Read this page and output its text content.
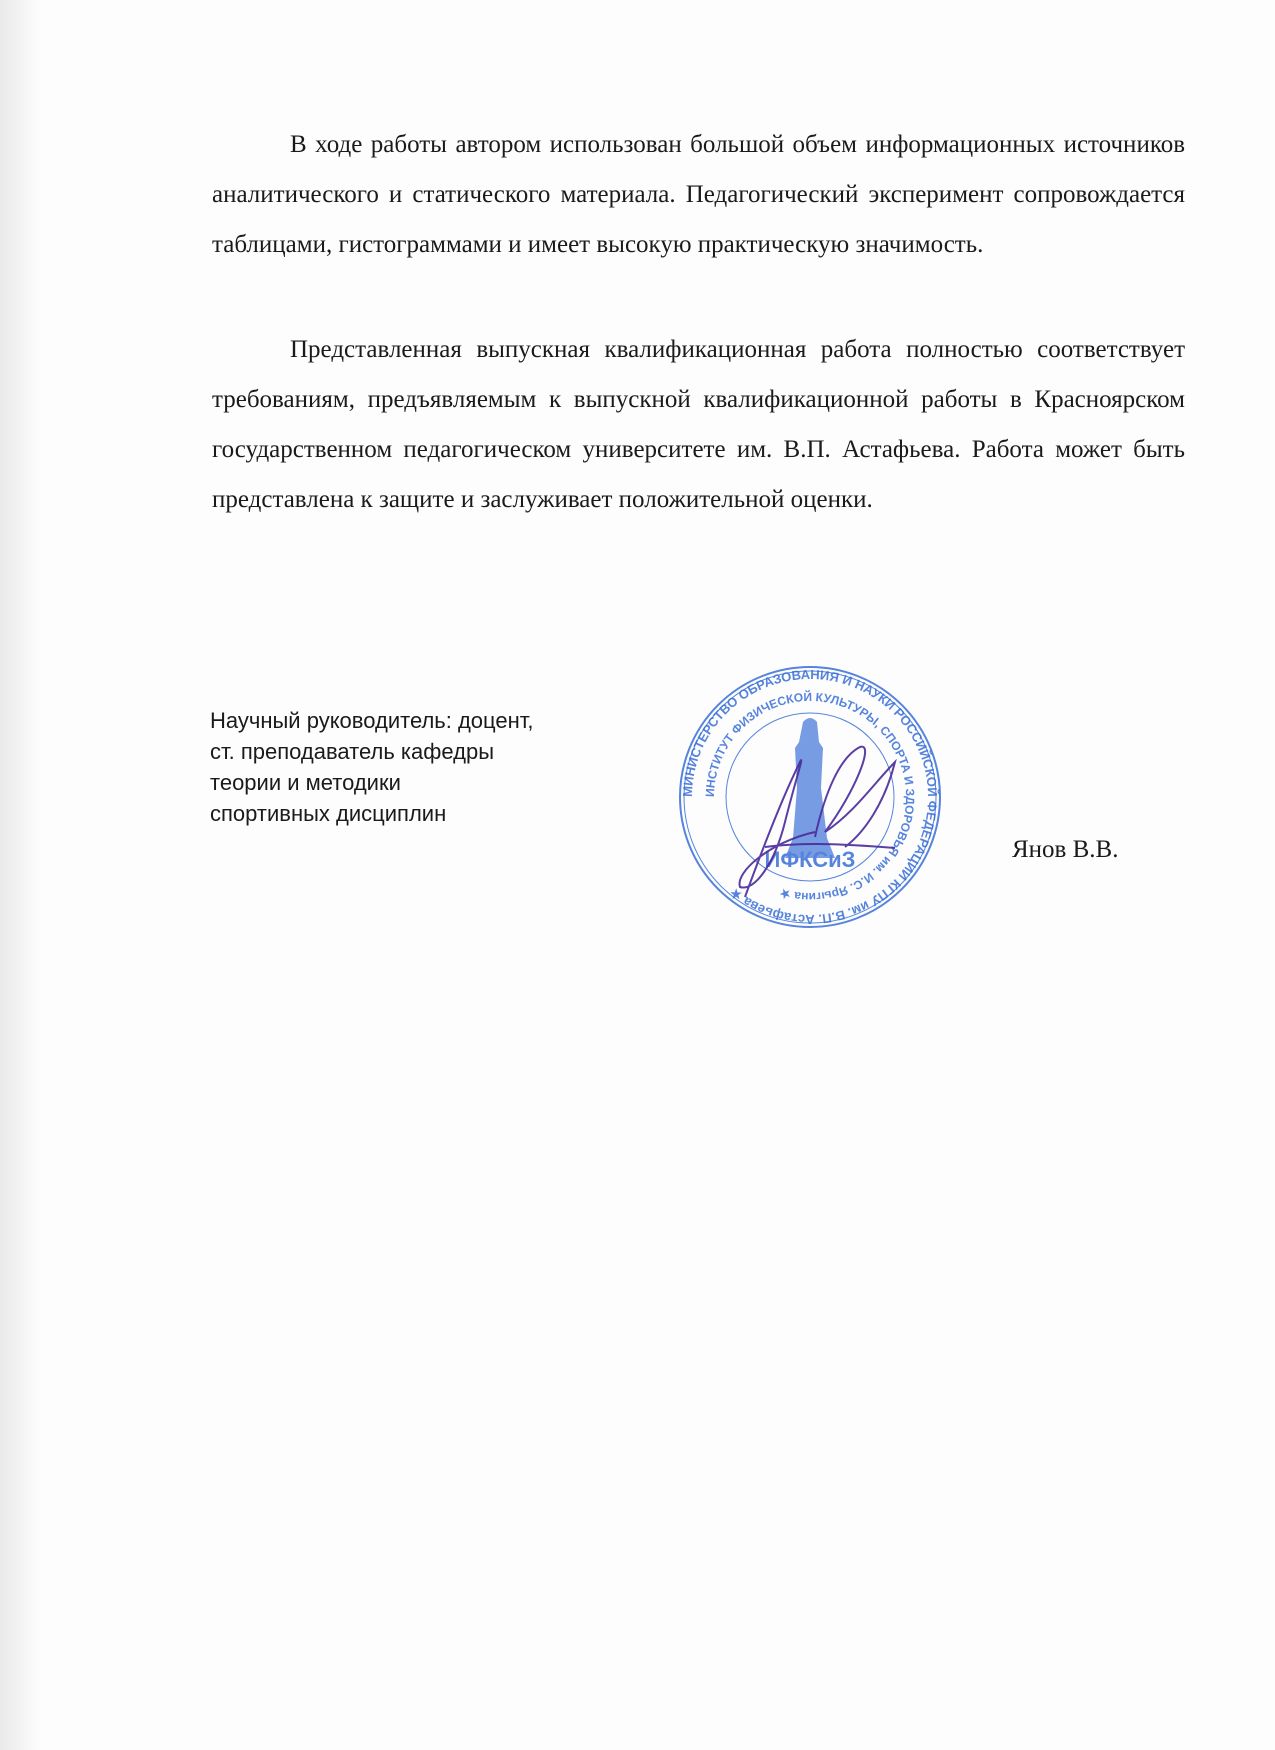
В ходе работы автором использован большой объем информационных источников аналитического и статического материала. Педагогический эксперимент сопровождается таблицами, гистограммами и имеет высокую практическую значимость.

Представленная выпускная квалификационная работа полностью соответствует требованиям, предъявляемым к выпускной квалификационной работы в Красноярском государственном педагогическом университете им. В.П. Астафьева. Работа может быть представлена к защите и заслуживает положительной оценки.

Научный руководитель: доцент,
ст. преподаватель кафедры
теории и методики
спортивных дисциплин
МИНИСТЕРСТВО ОБРАЗОВАНИЯ И НАУКИ РОССИЙСКОЙ ФЕДЕРАЦИИ КГПУ им. В.П. Астафьева ★
ИНСТИТУТ ФИЗИЧЕСКОЙ КУЛЬТУРЫ, СПОРТА И ЗДОРОВЬЯ им. И.С. Ярыгина ★
ИФКСиЗ	Янов В.В.
